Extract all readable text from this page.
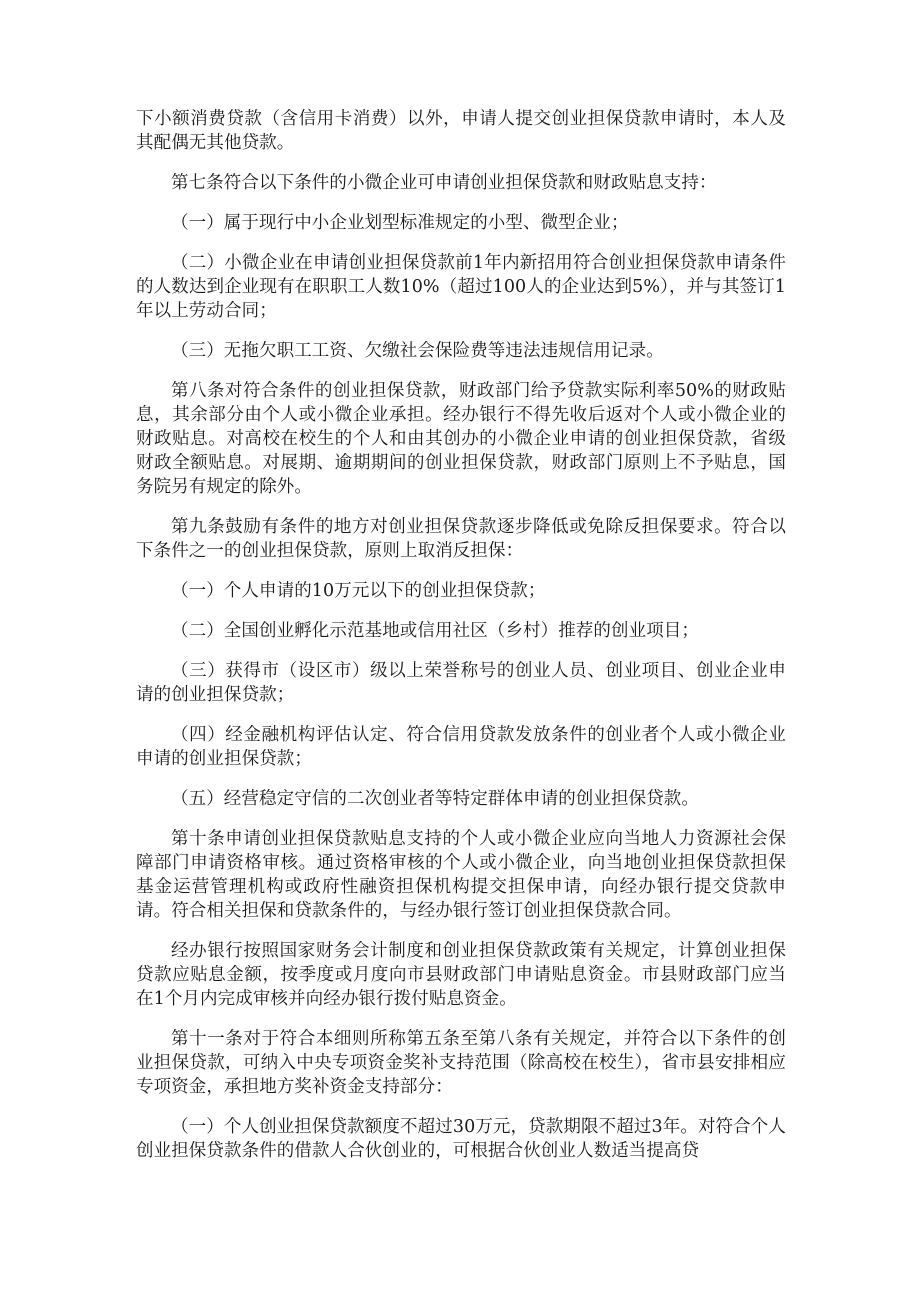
下小额消费贷款（含信用卡消费）以外，申请人提交创业担保贷款申请时，本人及其配偶无其他贷款。

第七条符合以下条件的小微企业可申请创业担保贷款和财政贴息支持：

（一）属于现行中小企业划型标准规定的小型、微型企业；

（二）小微企业在申请创业担保贷款前1年内新招用符合创业担保贷款申请条件的人数达到企业现有在职职工人数10%（超过100人的企业达到5%），并与其签订1年以上劳动合同；

（三）无拖欠职工工资、欠缴社会保险费等违法违规信用记录。

第八条对符合条件的创业担保贷款，财政部门给予贷款实际利率50%的财政贴息，其余部分由个人或小微企业承担。经办银行不得先收后返对个人或小微企业的财政贴息。对高校在校生的个人和由其创办的小微企业申请的创业担保贷款，省级财政全额贴息。对展期、逾期期间的创业担保贷款，财政部门原则上不予贴息，国务院另有规定的除外。

第九条鼓励有条件的地方对创业担保贷款逐步降低或免除反担保要求。符合以下条件之一的创业担保贷款，原则上取消反担保：

（一）个人申请的10万元以下的创业担保贷款；

（二）全国创业孵化示范基地或信用社区（乡村）推荐的创业项目；

（三）获得市（设区市）级以上荣誉称号的创业人员、创业项目、创业企业申请的创业担保贷款；

（四）经金融机构评估认定、符合信用贷款发放条件的创业者个人或小微企业申请的创业担保贷款；

（五）经营稳定守信的二次创业者等特定群体申请的创业担保贷款。

第十条申请创业担保贷款贴息支持的个人或小微企业应向当地人力资源社会保障部门申请资格审核。通过资格审核的个人或小微企业，向当地创业担保贷款担保基金运营管理机构或政府性融资担保机构提交担保申请，向经办银行提交贷款申请。符合相关担保和贷款条件的，与经办银行签订创业担保贷款合同。

经办银行按照国家财务会计制度和创业担保贷款政策有关规定，计算创业担保贷款应贴息金额，按季度或月度向市县财政部门申请贴息资金。市县财政部门应当在1个月内完成审核并向经办银行拨付贴息资金。

第十一条对于符合本细则所称第五条至第八条有关规定，并符合以下条件的创业担保贷款，可纳入中央专项资金奖补支持范围（除高校在校生），省市县安排相应专项资金，承担地方奖补资金支持部分：

（一）个人创业担保贷款额度不超过30万元，贷款期限不超过3年。对符合个人创业担保贷款条件的借款人合伙创业的，可根据合伙创业人数适当提高贷
